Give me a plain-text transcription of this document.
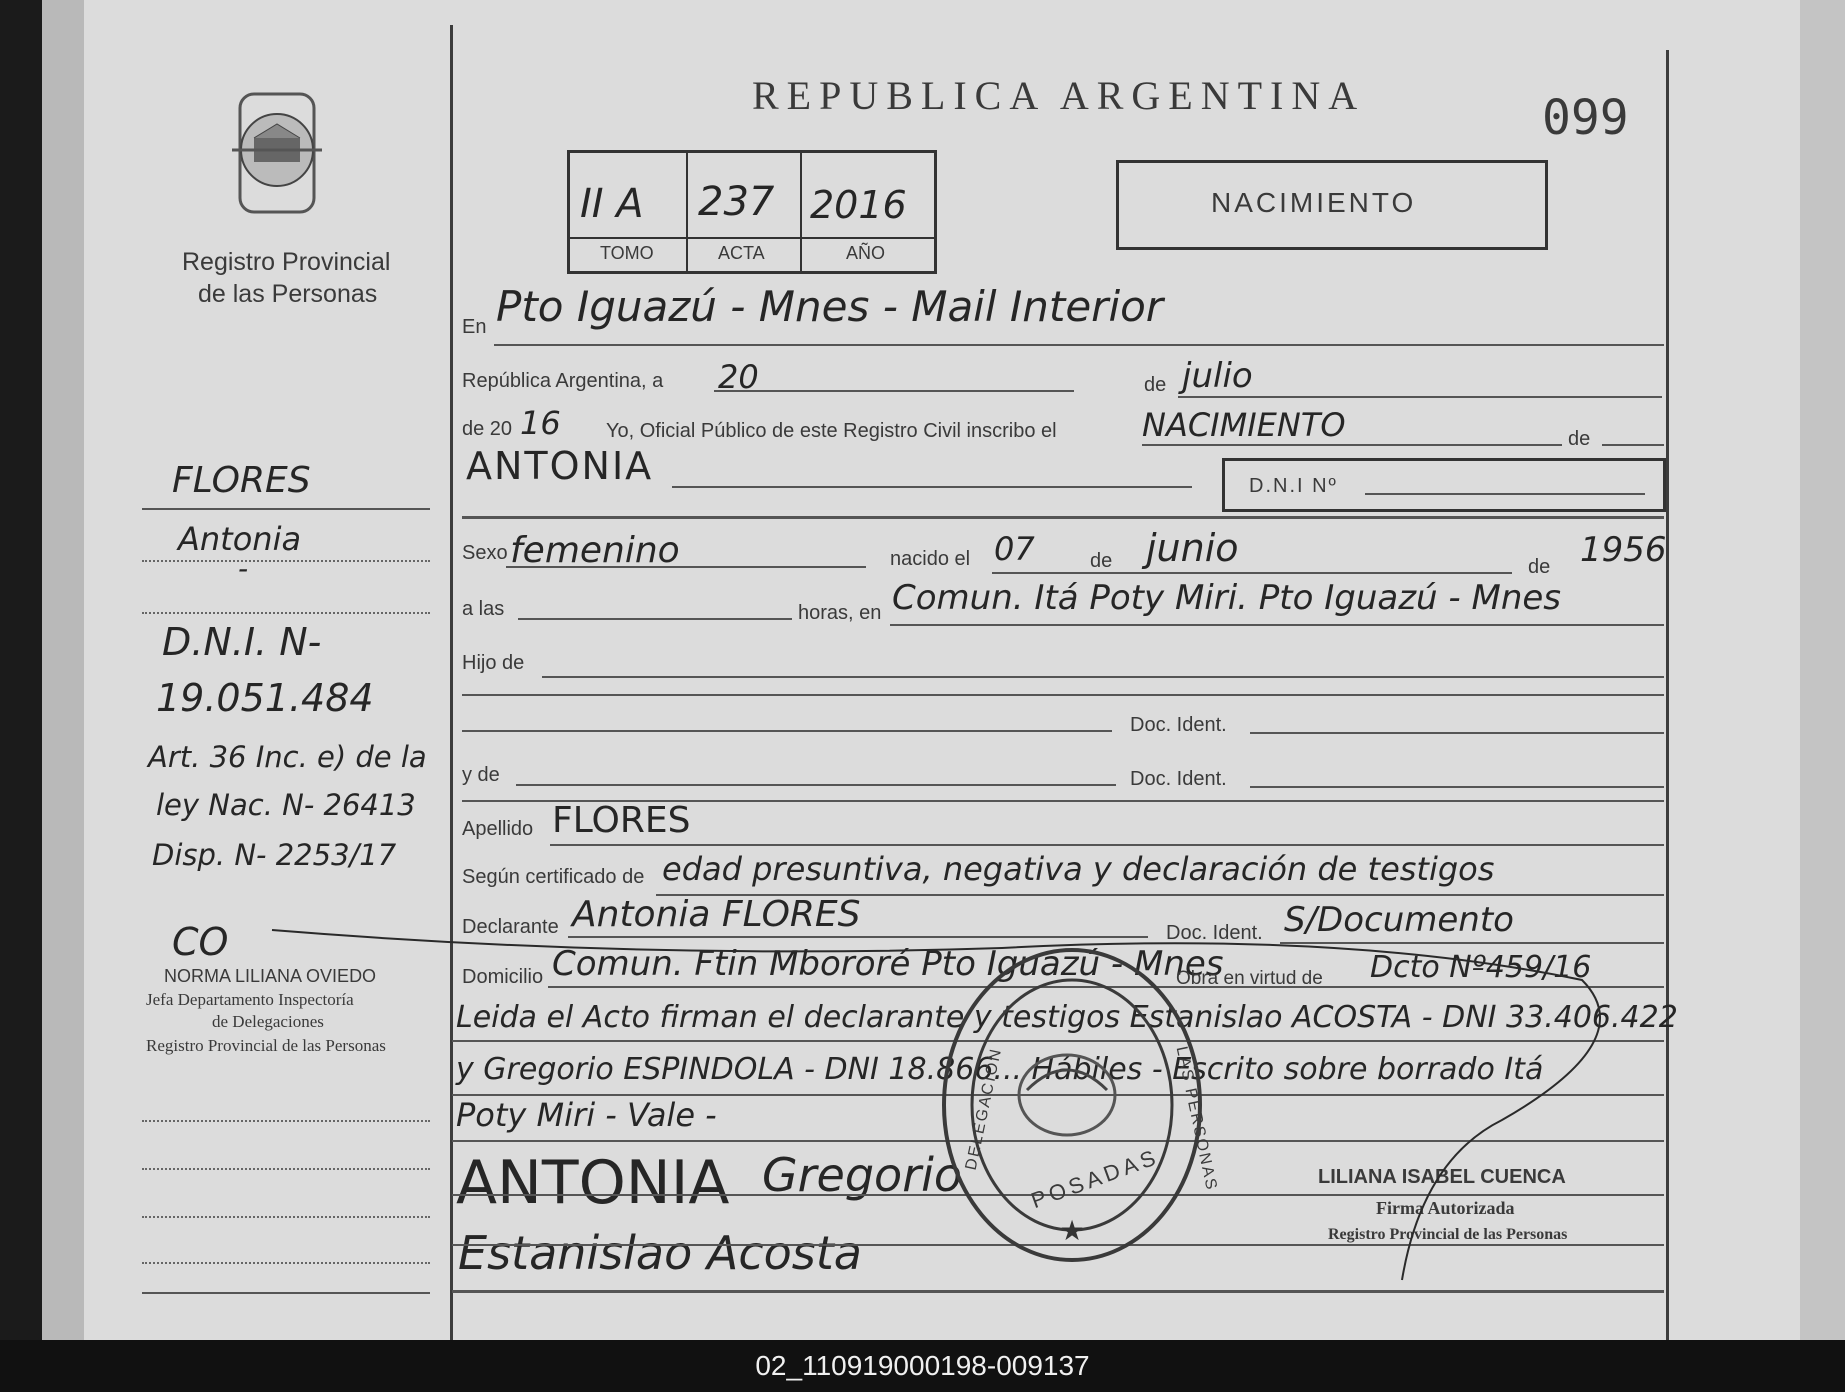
Registro Provincial
de las Personas
REPUBLICA ARGENTINA	099
II A 237 2016
TOMO	ACTA	AÑO
NACIMIENTO
FLORES
Antonia
-
D.N.I. N-
19.051.484
Art. 36 Inc. e) de la
ley Nac. N- 26413
Disp. N- 2253/17
CO
NORMA LILIANA OVIEDO
Jefa Departamento Inspectoría
de Delegaciones
Registro Provincial de las Personas
En Pto Iguazú - Mnes - Mail Interior
República Argentina, a 20	de julio
de 20 16 Yo, Oficial Público de este Registro Civil inscribo el	NACIMIENTO	de
ANTONIA	D.N.I Nº
Sexo femenino	nacido el 07	de junio	de 1956
a las	horas, en Comun. Itá Poty Miri. Pto Iguazú - Mnes
Hijo de
Doc. Ident.
y de	Doc. Ident.
Apellido FLORES
Según certificado de edad presuntiva, negativa y declaración de testigos
Declarante Antonia FLORES	Doc. Ident. S/Documento
Domicilio Comun. Ftin Mbororé Pto Iguazú - Mnes
Obra en virtud de Dcto Nº459/16
Leida el Acto firman el declarante y testigos Estanislao ACOSTA - DNI 33.406.422
y Gregorio ESPINDOLA - DNI 18.866... Hábiles - Escrito sobre borrado Itá
Poty Miri - Vale -
ANTONIA Gregorio
Estanislao Acosta	★
POSADAS
DELEGACION	LAS PERSONAS	LILIANA ISABEL CUENCA
Firma Autorizada
Registro Provincial de las Personas
02_110919000198-009137
